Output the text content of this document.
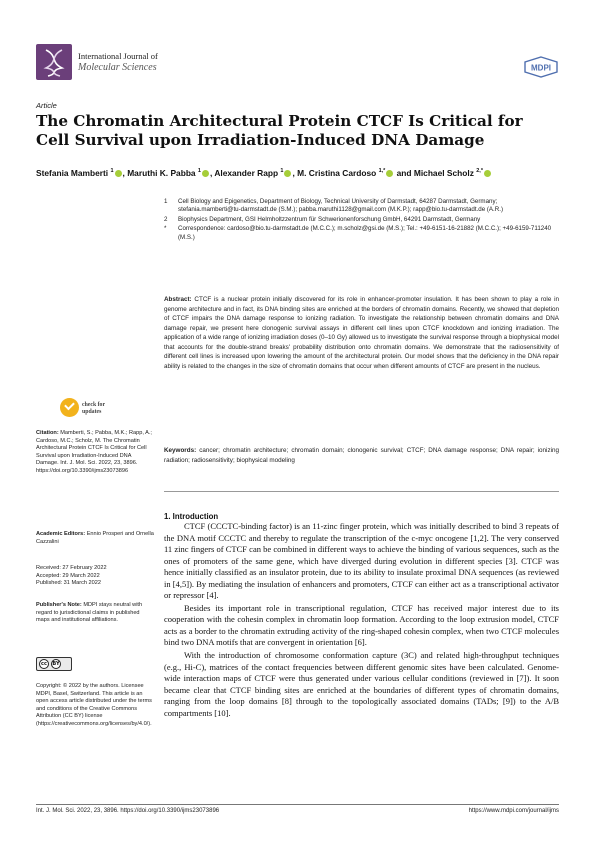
International Journal of
Molecular Sciences	MDPI
Article
The Chromatin Architectural Protein CTCF Is Critical for Cell Survival upon Irradiation-Induced DNA Damage
Stefania Mamberti $^1$ , Maruthi K. Pabba $^1$ , Alexander Rapp $^1$ , M. Cristina Cardoso $^{1,*}$ and Michael Scholz $^{2,*}$
1	Cell Biology and Epigenetics, Department of Biology, Technical University of Darmstadt, 64287 Darmstadt, Germany; stefania.mamberti@tu-darmstadt.de (S.M.); pabba.maruthi1128@gmail.com (M.K.P.); rapp@bio.tu-darmstadt.de (A.R.)
2	Biophysics Department, GSI Helmholtzzentrum für Schwerionenforschung GmbH, 64291 Darmstadt, Germany
*	Correspondence: cardoso@bio.tu-darmstadt.de (M.C.C.); m.scholz@gsi.de (M.S.); Tel.: +49-6151-16-21882 (M.C.C.); +49-6159-711240 (M.S.)
check for
updates
Citation: Mamberti, S.; Pabba, M.K.; Rapp, A.; Cardoso, M.C.; Scholz, M. The Chromatin Architectural Protein CTCF Is Critical for Cell Survival upon Irradiation-Induced DNA Damage. Int. J. Mol. Sci. 2022, 23, 3896. https://doi.org/10.3390/ijms23073896
Academic Editors: Ennio Prosperi and Ornella Cazzalini
Received: 27 February 2022
Accepted: 29 March 2022
Published: 31 March 2022
Publisher's Note: MDPI stays neutral with regard to jurisdictional claims in published maps and institutional affiliations.
cc	BY
Copyright: © 2022 by the authors. Licensee MDPI, Basel, Switzerland. This article is an open access article distributed under the terms and conditions of the Creative Commons Attribution (CC BY) license (https://creativecommons.org/licenses/by/4.0/).
Abstract: CTCF is a nuclear protein initially discovered for its role in enhancer-promoter insulation. It has been shown to play a role in genome architecture and in fact, its DNA binding sites are enriched at the borders of chromatin domains. Recently, we showed that depletion of CTCF impairs the DNA damage response to ionizing radiation. To investigate the relationship between chromatin domains and DNA damage repair, we present here clonogenic survival assays in different cell lines upon CTCF knockdown and ionizing irradiation. The application of a wide range of ionizing irradiation doses (0–10 Gy) allowed us to investigate the survival response through a biophysical model that accounts for the double-strand breaks' probability distribution onto chromatin domains. We demonstrate that the radiosensitivity of different cell lines is increased upon lowering the amount of the architectural protein. Our model shows that the deficiency in the DNA repair ability is related to the changes in the size of chromatin domains that occur when different amounts of CTCF are present in the nucleus.
Keywords: cancer; chromatin architecture; chromatin domain; clonogenic survival; CTCF; DNA damage response; DNA repair; ionizing radiation; radiosensitivity; biophysical modeling
1. Introduction

CTCF (CCCTC-binding factor) is an 11-zinc finger protein, which was initially described to bind 3 repeats of the DNA motif CCCTC and thereby to regulate the transcription of the c-myc oncogene [1,2]. The very conserved 11 zinc fingers of CTCF can be combined in different ways to achieve the binding of various sequences, such as the ones of promoters of the same gene, which have diverged during evolution in different species [3]. CTCF was hence initially classified as an insulator protein, due to its ability to insulate proximal DNA sequences (as reviewed in [4,5]). By mediating the insulation of enhancers and promoters, CTCF can either act as a transcriptional activator or repressor [4].

Besides its important role in transcriptional regulation, CTCF has received major interest due to its cooperation with the cohesin complex in chromatin loop formation. According to the loop extrusion model, CTCF acts as a border to the chromatin extruding activity of the ring-shaped cohesin complex, when two CTCF molecules bind two DNA motifs that are convergent in orientation [6].

With the introduction of chromosome conformation capture (3C) and related high-throughput techniques (e.g., Hi-C), matrices of the contact frequencies between different genomic sites have been calculated. Genome-wide interaction maps of CTCF were thus generated under various cellular conditions (reviewed in [7]). It soon became clear that CTCF binding sites are enriched at the boundaries of different types of chromatin domains, ranging from the loop domains [8] through to the topologically associated domains (TADs; [9]) to the A/B compartments [10].

Int. J. Mol. Sci. 2022, 23, 3896. https://doi.org/10.3390/ijms23073896	https://www.mdpi.com/journal/ijms
